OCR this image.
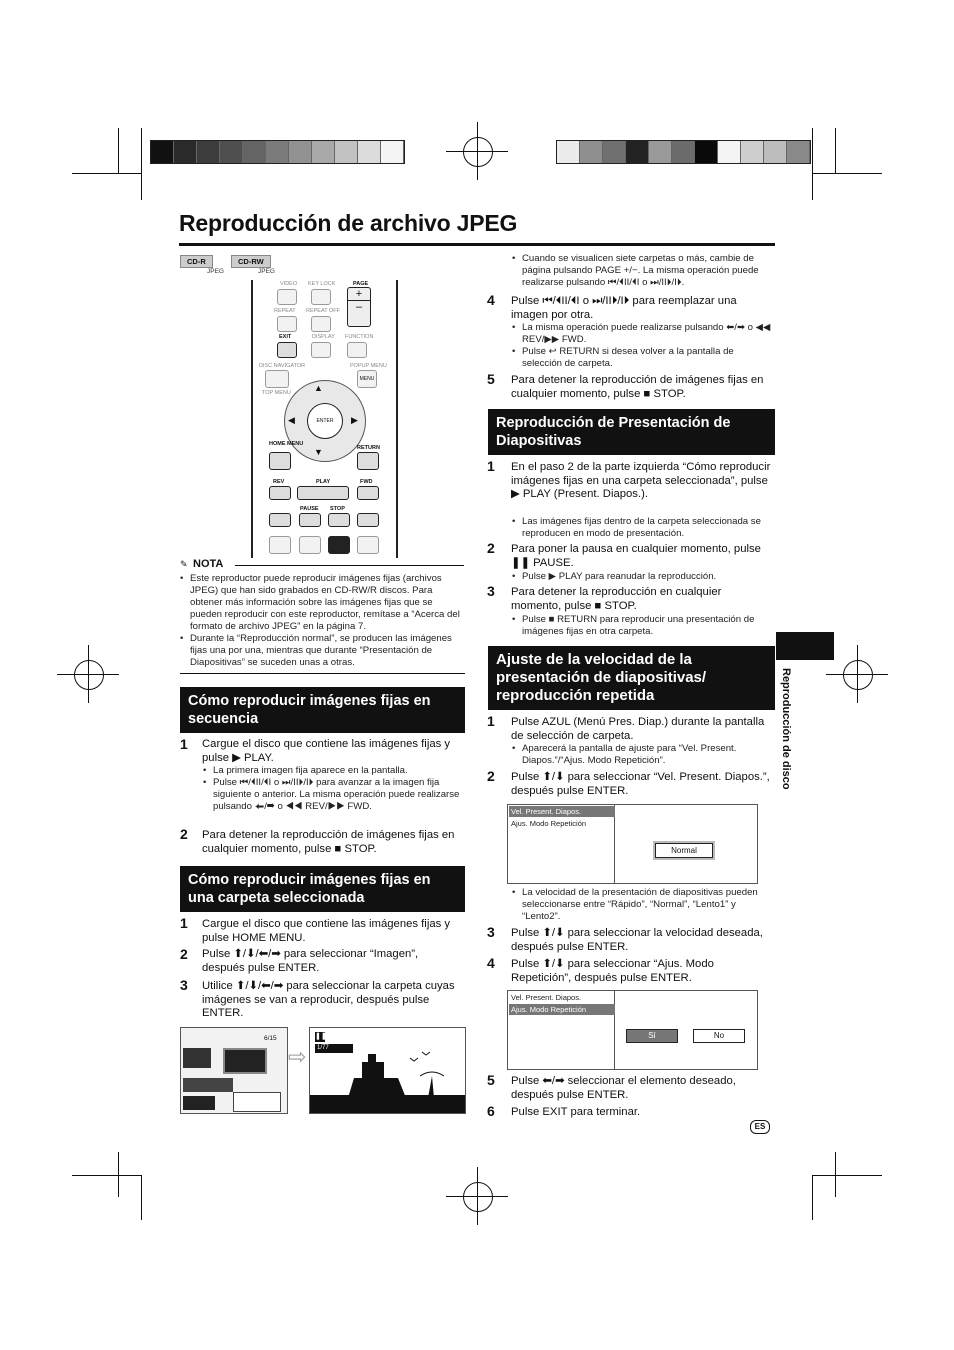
Reproducción de archivo JPEG
Reproducción de disco
CD-R	CD-RW
JPEG	JPEG
VIDEO KEY LOCK	PAGE
+
–
REPEAT REPEAT OFF
EXIT	DISPLAY FUNCTION
DISC NAVIGATOR	POPUP MENU
MENU
TOP MENU	▲
▼
◀	▶
ENTER
HOME MENU
RETURN
REV	PLAY	FWD
PAUSE STOP
✎ NOTA
• Este reproductor puede reproducir imágenes fijas (archivos JPEG) que han sido grabados en CD-RW/R discos. Para obtener más información sobre las imágenes fijas que se pueden reproducir con este reproductor, remítase a “Acerca del formato de archivo JPEG” en la página 7.
• Durante la “Reproducción normal”, se producen las imágenes fijas una por una, mientras que durante “Presentación de Diapositivas” se suceden unas a otras.
Cómo reproducir imágenes fijas en secuencia
1 Cargue el disco que contiene las imágenes fijas y pulse ▶ PLAY.
• La primera imagen fija aparece en la pantalla.
• Pulse ⏮/⏴II/⏴I o ⏭/II⏵/I⏵ para avanzar a la imagen fija siguiente o anterior. La misma operación puede realizarse pulsando ⬅/➡ o ◀◀ REV/▶▶ FWD.
2 Para detener la reproducción de imágenes fijas en cualquier momento, pulse ■ STOP.
Cómo reproducir imágenes fijas en una carpeta seleccionada
1 Cargue el disco que contiene las imágenes fijas y pulse HOME MENU.
2 Pulse ⬆/⬇/⬅/➡ para seleccionar “Imagen”, después pulse ENTER.
3 Utilice ⬆/⬇/⬅/➡ para seleccionar la carpeta cuyas imágenes se van a reproducir, después pulse ENTER.
6/15
⇨
❚❚
1/77
• Cuando se visualicen siete carpetas o más, cambie de página pulsando PAGE +/−. La misma operación puede realizarse pulsando ⏮/⏴II/⏴I o ⏭/II⏵/I⏵.
4 Pulse ⏮/⏴II/⏴I o ⏭/II⏵/I⏵ para reemplazar una imagen por otra.
• La misma operación puede realizarse pulsando ⬅/➡ o ◀◀ REV/▶▶ FWD.
• Pulse ↩ RETURN si desea volver a la pantalla de selección de carpeta.
5 Para detener la reproducción de imágenes fijas en cualquier momento, pulse ■ STOP.
Reproducción de Presentación de Diapositivas
1 En el paso 2 de la parte izquierda “Cómo reproducir imágenes fijas en una carpeta seleccionada”, pulse ▶ PLAY (Present. Diapos.).
• Las imágenes fijas dentro de la carpeta seleccionada se reproducen en modo de presentación.
2 Para poner la pausa en cualquier momento, pulse ❚❚ PAUSE.
• Pulse ▶ PLAY para reanudar la reproducción.
3 Para detener la reproducción en cualquier momento, pulse ■ STOP.
• Pulse ■ RETURN para reproducir una presentación de imágenes fijas en otra carpeta.
Ajuste de la velocidad de la presentación de diapositivas/ reproducción repetida
1 Pulse AZUL (Menú Pres. Diap.) durante la pantalla de selección de carpeta.
• Aparecerá la pantalla de ajuste para “Vel. Present. Diapos.”/“Ajus. Modo Repetición”.
2 Pulse ⬆/⬇ para seleccionar “Vel. Present. Diapos.”, después pulse ENTER.
Vel. Present. Diapos.
Ajus. Modo Repetición
Normal
• La velocidad de la presentación de diapositivas pueden seleccionarse entre “Rápido”, “Normal”, “Lento1” y “Lento2”.
3 Pulse ⬆/⬇ para seleccionar la velocidad deseada, después pulse ENTER.
4 Pulse ⬆/⬇ para seleccionar “Ajus. Modo Repetición”, después pulse ENTER.
Vel. Present. Diapos.
Ajus. Modo Repetición
Sí	No
5 Pulse ⬅/➡ seleccionar el elemento deseado, después pulse ENTER.
6 Pulse EXIT para terminar.
ES
